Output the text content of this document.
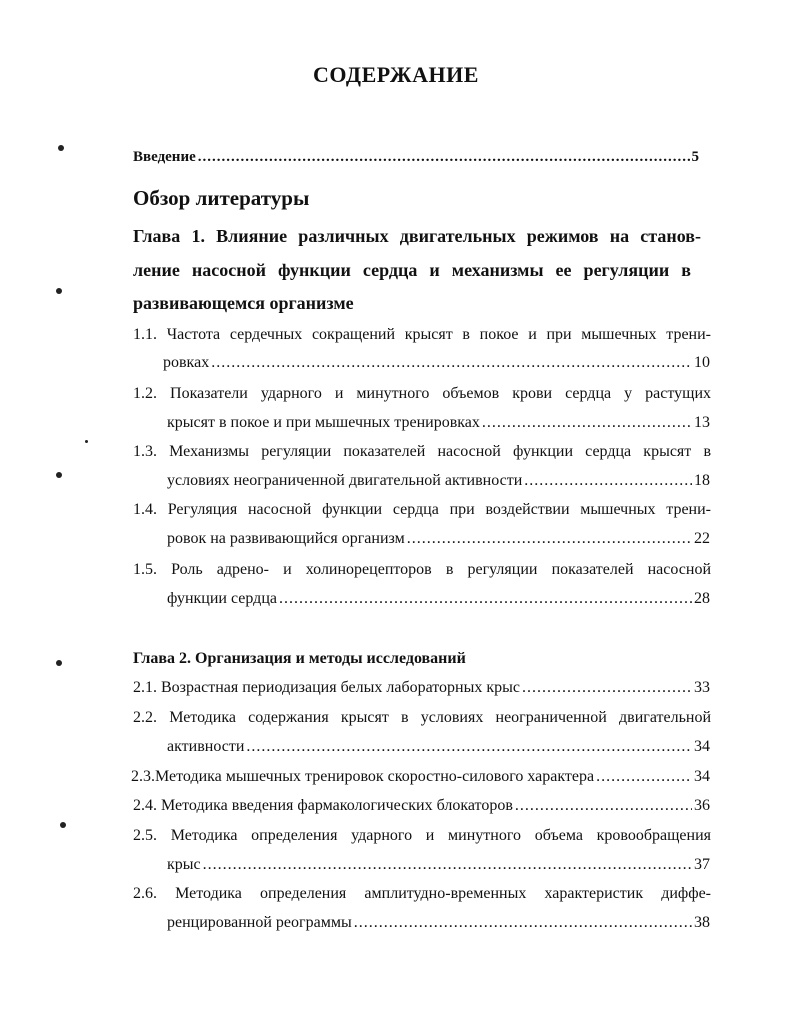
СОДЕРЖАНИЕ
Введение .....	5
Обзор литературы
Глава 1. Влияние различных двигательных режимов на станов-
ление насосной функции сердца и механизмы ее регуляции в
развивающемся организме
1.1. Частота сердечных сокращений крысят в покое и при мышечных трени-
ровках .....	10
1.2. Показатели ударного и минутного объемов крови сердца у растущих
крысят в покое и при мышечных тренировках .....	13
1.3. Механизмы регуляции показателей насосной функции сердца крысят в
условиях неограниченной двигательной активности .....	18
1.4. Регуляция насосной функции сердца при воздействии мышечных трени-
ровок на развивающийся организм .....	22
1.5. Роль адрено- и холинорецепторов в регуляции показателей насосной
функции сердца .....	28
Глава 2. Организация и методы исследований
2.1. Возрастная периодизация белых лабораторных крыс .....	33
2.2. Методика содержания крысят в условиях неограниченной двигательной
активности .....	34
2.3.Методика мышечных тренировок скоростно-силового характера .....	34
2.4. Методика введения фармакологических блокаторов .....	36
2.5. Методика определения ударного и минутного объема кровообращения
крыс .....	37
2.6. Методика определения амплитудно-временных характеристик диффе-
ренцированной реограммы .....	38
